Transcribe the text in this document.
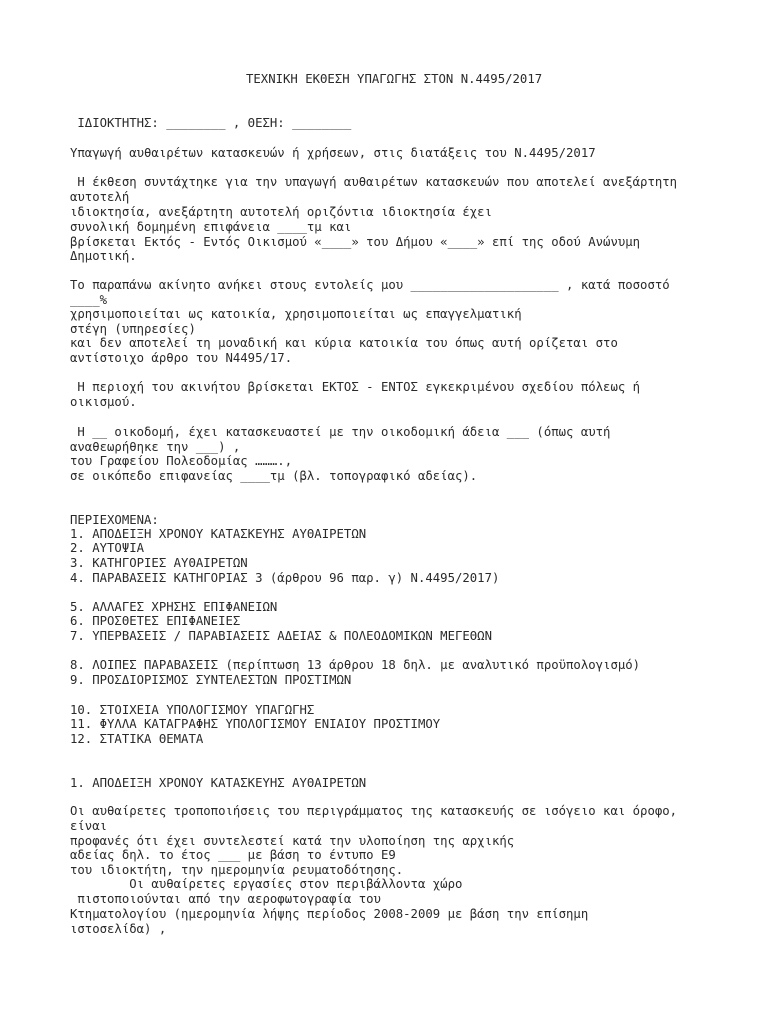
ΤΕΧΝΙΚΗ ΕΚΘΕΣΗ ΥΠΑΓΩΓΗΣ ΣΤΟΝ Ν.4495/2017
ΙΔΙΟΚΤΗΤΗΣ: ________ , ΘΕΣΗ: ________
Υπαγωγή αυθαιρέτων κατασκευών ή χρήσεων, στις διατάξεις του Ν.4495/2017
Η έκθεση συντάχτηκε για την υπαγωγή αυθαιρέτων κατασκευών που αποτελεί ανεξάρτητη
αυτοτελή
ιδιοκτησία, ανεξάρτητη αυτοτελή οριζόντια ιδιοκτησία έχει
συνολική δομημένη επιφάνεια ____τμ και
βρίσκεται Εκτός - Εντός Οικισμού «____» του Δήμου «____» επί της οδού Ανώνυμη
Δημοτική.
Το παραπάνω ακίνητο ανήκει στους εντολείς μου ____________________ , κατά ποσοστό
____%
χρησιμοποιείται ως κατοικία, χρησιμοποιείται ως επαγγελματική
στέγη (υπηρεσίες)
και δεν αποτελεί τη μοναδική και κύρια κατοικία του όπως αυτή ορίζεται στο
αντίστοιχο άρθρο του Ν4495/17.
Η περιοχή του ακινήτου βρίσκεται ΕΚΤΟΣ - ΕΝΤΟΣ εγκεκριμένου σχεδίου πόλεως ή
οικισμού.
Η __ οικοδομή, έχει κατασκευαστεί με την οικοδομική άδεια ___ (όπως αυτή
αναθεωρήθηκε την ___) ,
του Γραφείου Πολεοδομίας ……….,
σε οικόπεδο επιφανείας ____τμ (βλ. τοπογραφικό αδείας).
ΠΕΡΙΕΧΟΜΕΝΑ:
1. ΑΠΟΔΕΙΞΗ ΧΡΟΝΟΥ ΚΑΤΑΣΚΕΥΗΣ ΑΥΘΑΙΡΕΤΩΝ
2. ΑΥΤΟΨΙΑ
3. ΚΑΤΗΓΟΡΙΕΣ ΑΥΘΑΙΡΕΤΩΝ
4. ΠΑΡΑΒΑΣΕΙΣ ΚΑΤΗΓΟΡΙΑΣ 3 (άρθρου 96 παρ. γ) Ν.4495/2017)
5. ΑΛΛΑΓΕΣ ΧΡΗΣΗΣ ΕΠΙΦΑΝΕΙΩΝ
6. ΠΡΟΣΘΕΤΕΣ ΕΠΙΦΑΝΕΙΕΣ
7. ΥΠΕΡΒΑΣΕΙΣ / ΠΑΡΑΒΙΑΣΕΙΣ ΑΔΕΙΑΣ & ΠΟΛΕΟΔΟΜΙΚΩΝ ΜΕΓΕΘΩΝ
8. ΛΟΙΠΕΣ ΠΑΡΑΒΑΣΕΙΣ (περίπτωση 13 άρθρου 18 δηλ. με αναλυτικό προϋπολογισμό)
9. ΠΡΟΣΔΙΟΡΙΣΜΟΣ ΣΥΝΤΕΛΕΣΤΩΝ ΠΡΟΣΤΙΜΩΝ
10. ΣΤΟΙΧΕΙΑ ΥΠΟΛΟΓΙΣΜΟΥ ΥΠΑΓΩΓΗΣ
11. ΦΥΛΛΑ ΚΑΤΑΓΡΑΦΗΣ ΥΠΟΛΟΓΙΣΜΟΥ ΕΝΙΑΙΟΥ ΠΡΟΣΤΙΜΟΥ
12. ΣΤΑΤΙΚΑ ΘΕΜΑΤΑ
1. ΑΠΟΔΕΙΞΗ ΧΡΟΝΟΥ ΚΑΤΑΣΚΕΥΗΣ ΑΥΘΑΙΡΕΤΩΝ
Οι αυθαίρετες τροποποιήσεις του περιγράμματος της κατασκευής σε ισόγειο και όροφο,
είναι
προφανές ότι έχει συντελεστεί κατά την υλοποίηση της αρχικής
αδείας δηλ. το έτος ___ με βάση το έντυπο Ε9
του ιδιοκτήτη, την ημερομηνία ρευματοδότησης.
Οι αυθαίρετες εργασίες στον περιβάλλοντα χώρο
πιστοποιούνται από την αεροφωτογραφία του
Κτηματολογίου (ημερομηνία λήψης περίοδος 2008-2009 με βάση την επίσημη
ιστοσελίδα) ,
